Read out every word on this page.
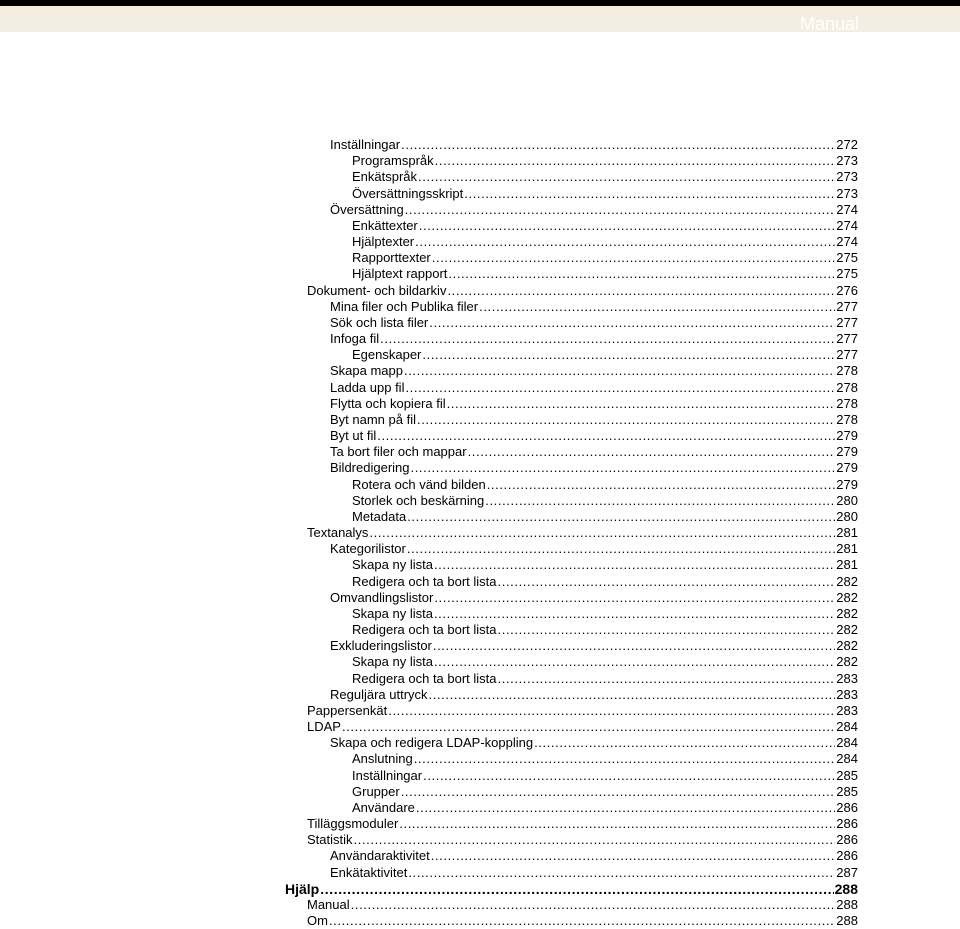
Manual
Inställningar .....	272
Programspråk .....	273
Enkätspråk .....	273
Översättningsskript .....	273
Översättning .....	274
Enkättexter .....	274
Hjälptexter .....	274
Rapporttexter .....	275
Hjälptext rapport .....	275
Dokument- och bildarkiv .....	276
Mina filer och Publika filer .....	277
Sök och lista filer .....	277
Infoga fil .....	277
Egenskaper .....	277
Skapa mapp .....	278
Ladda upp fil .....	278
Flytta och kopiera fil .....	278
Byt namn på fil .....	278
Byt ut fil .....	279
Ta bort filer och mappar .....	279
Bildredigering .....	279
Rotera och vänd bilden .....	279
Storlek och beskärning .....	280
Metadata .....	280
Textanalys .....	281
Kategorilistor .....	281
Skapa ny lista .....	281
Redigera och ta bort lista .....	282
Omvandlingslistor .....	282
Skapa ny lista .....	282
Redigera och ta bort lista .....	282
Exkluderingslistor .....	282
Skapa ny lista .....	282
Redigera och ta bort lista .....	283
Reguljära uttryck .....	283
Pappersenkät .....	283
LDAP .....	284
Skapa och redigera LDAP-koppling .....	284
Anslutning .....	284
Inställningar .....	285
Grupper .....	285
Användare .....	286
Tilläggsmoduler .....	286
Statistik .....	286
Användaraktivitet .....	286
Enkätaktivitet .....	287
Hjälp .....	288
Manual .....	288
Om .....	288
